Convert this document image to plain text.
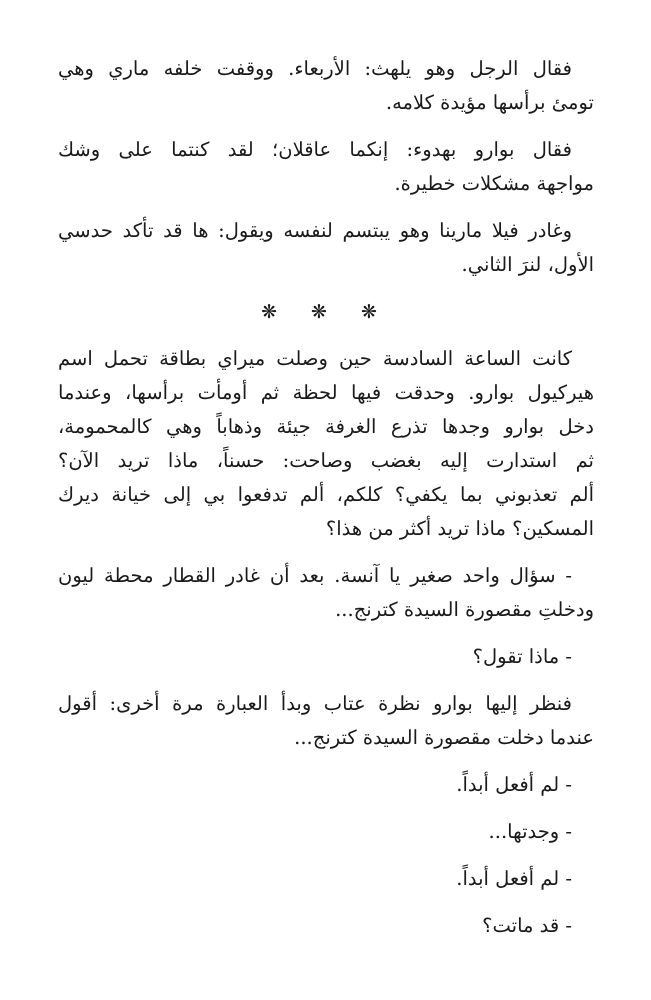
فقال الرجل وهو يلهث: الأربعاء. ووقفت خلفه ماري وهي
تومئ برأسها مؤيدة كلامه.
فقال بوارو بهدوء: إنكما عاقلان؛ لقد كنتما على وشك
مواجهة مشكلات خطيرة.
وغادر فيلا مارينا وهو يبتسم لنفسه ويقول: ها قد تأكد حدسي
الأول، لنرَ الثاني.
❋ ❋ ❋
كانت الساعة السادسة حين وصلت ميراي بطاقة تحمل اسم
هيركيول بوارو. وحدقت فيها لحظة ثم أومأت برأسها، وعندما
دخل بوارو وجدها تذرع الغرفة جيئة وذهاباً وهي كالمحمومة،
ثم استدارت إليه بغضب وصاحت: حسناً، ماذا تريد الآن؟
ألم تعذبوني بما يكفي؟ كلكم، ألم تدفعوا بي إلى خيانة ديرك
المسكين؟ ماذا تريد أكثر من هذا؟
- سؤال واحد صغير يا آنسة. بعد أن غادر القطار محطة ليون
ودخلتِ مقصورة السيدة كترنج...
- ماذا تقول؟
فنظر إليها بوارو نظرة عتاب وبدأ العبارة مرة أخرى: أقول
عندما دخلت مقصورة السيدة كترنج...
- لم أفعل أبداً.
- وجدتها...
- لم أفعل أبداً.
- قد ماتت؟
